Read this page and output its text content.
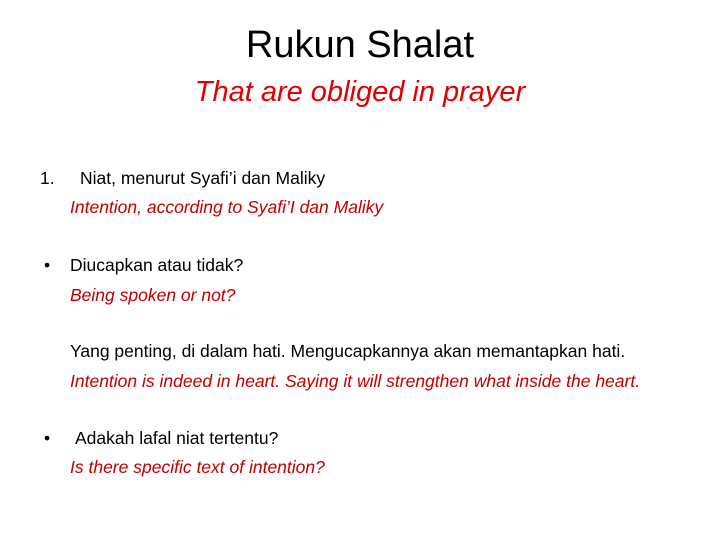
Rukun Shalat
That are obliged in prayer
1. Niat, menurut Syafi’i dan Maliky
Intention, according to Syafi’I dan Maliky
• Diucapkan atau tidak?
Being spoken or not?
Yang penting, di dalam hati. Mengucapkannya akan memantapkan hati.
Intention is indeed in heart. Saying it will strengthen what inside the heart.
• Adakah lafal niat tertentu?
Is there specific text of intention?
